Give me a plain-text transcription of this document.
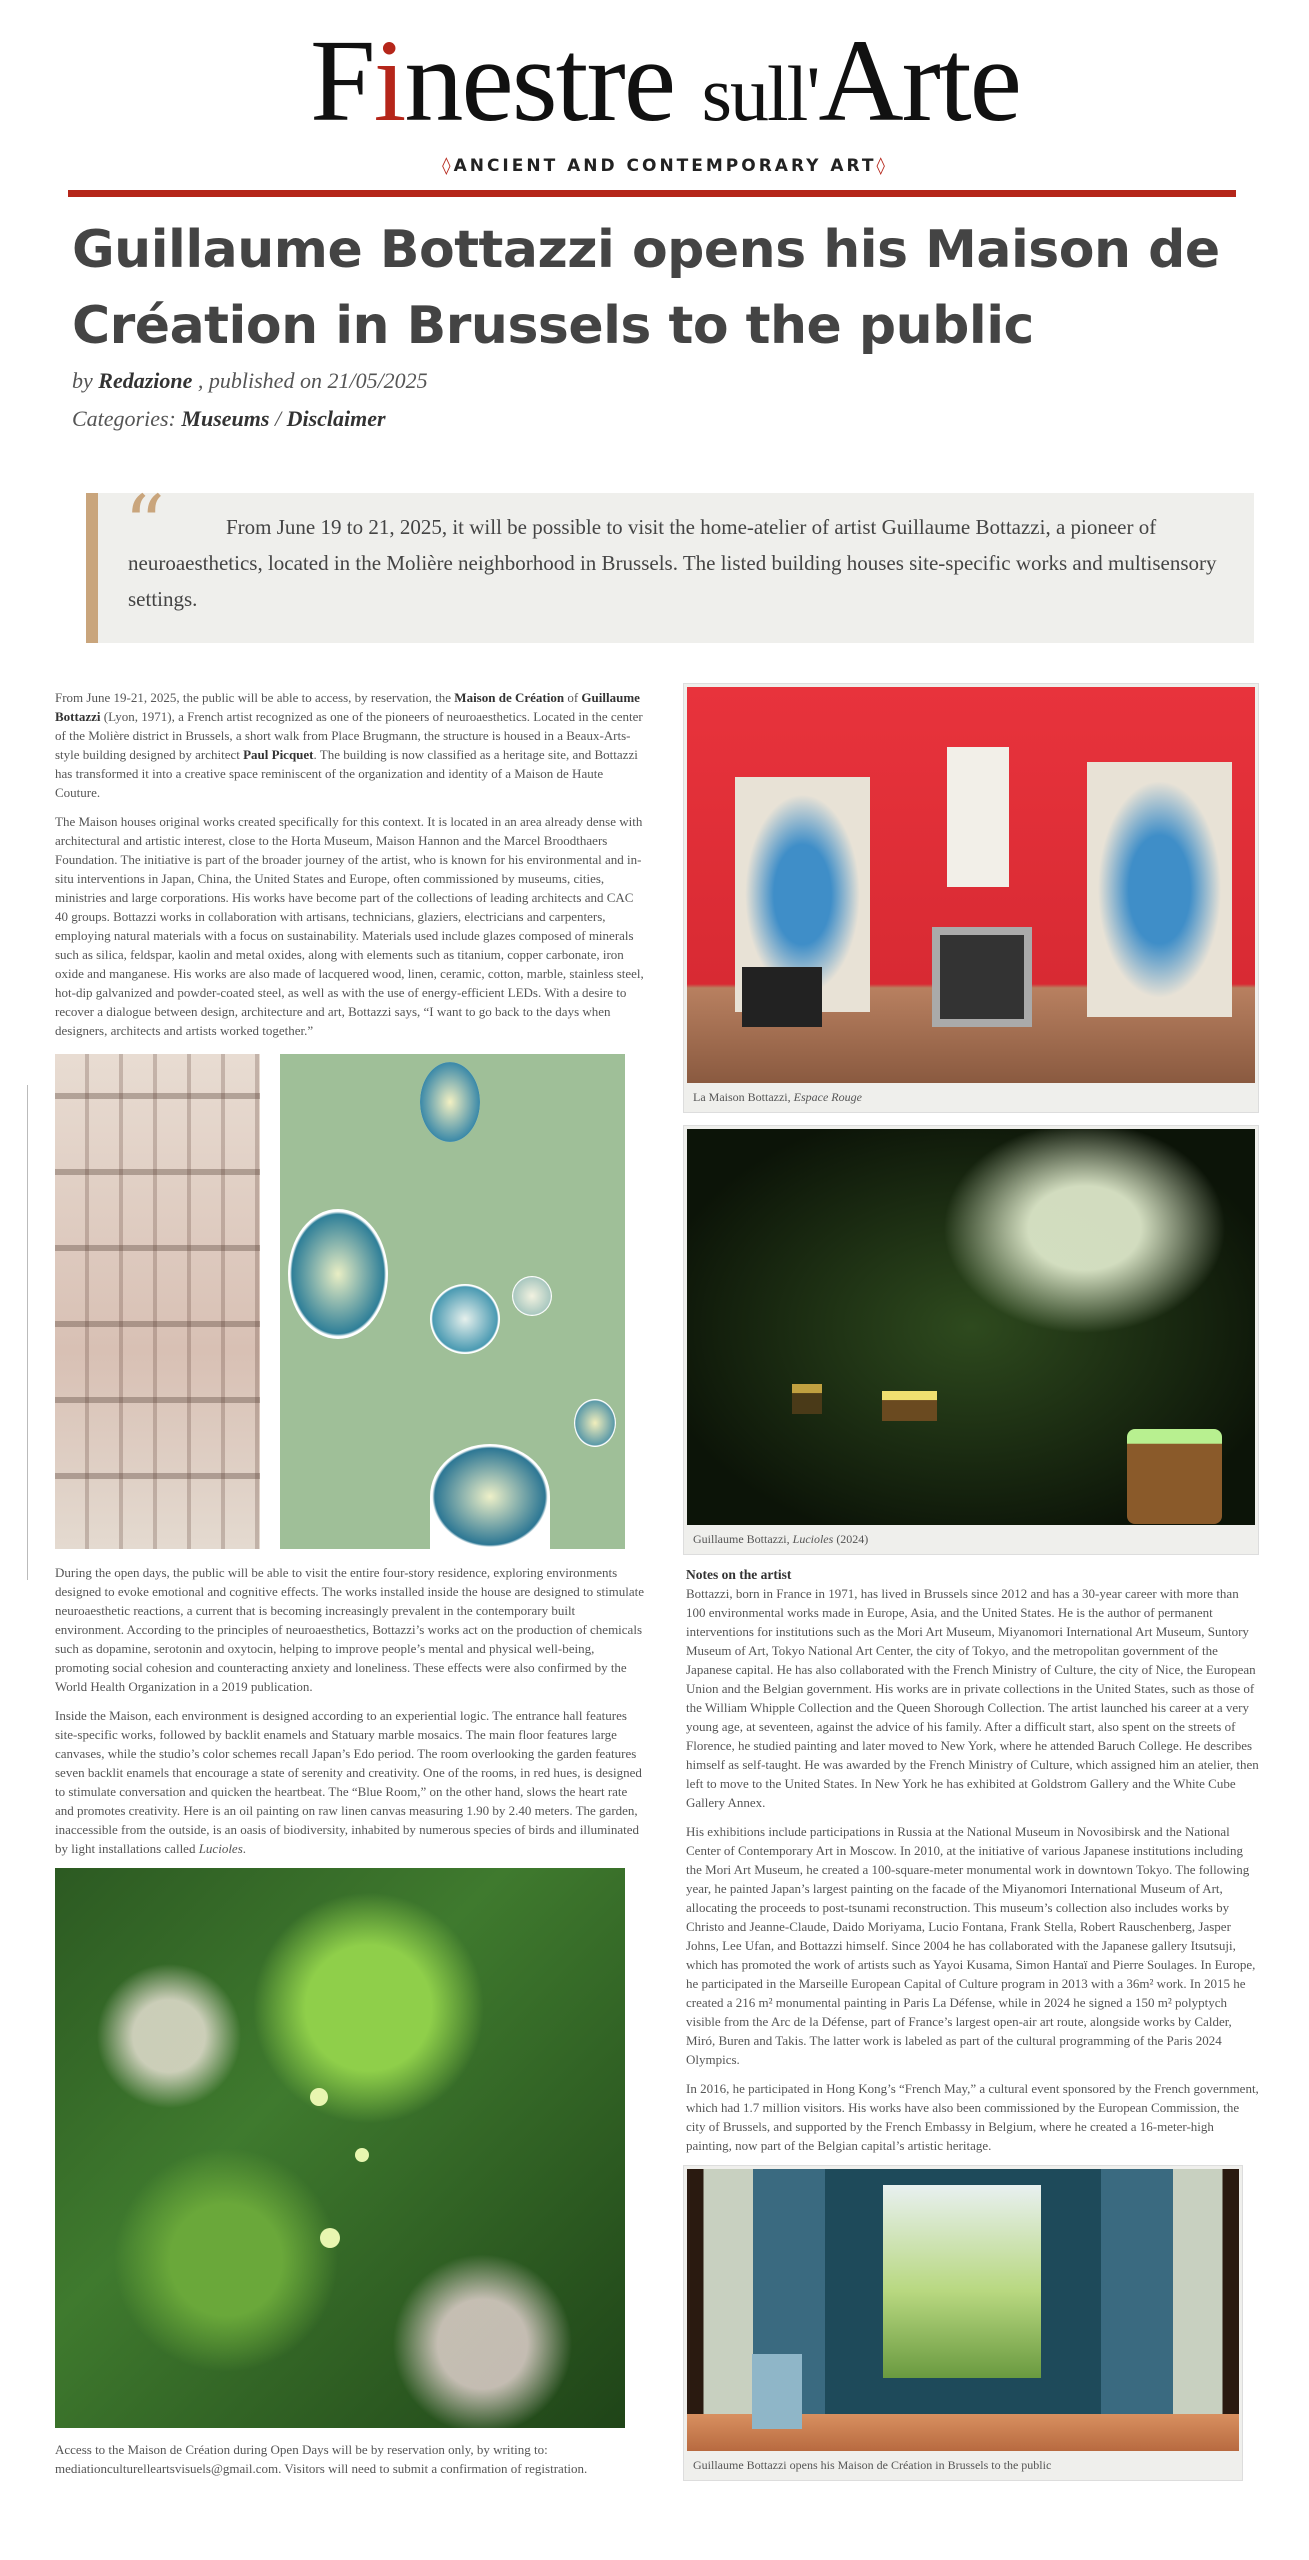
Finestre sull'Arte
◊ANCIENT AND CONTEMPORARY ART◊
Guillaume Bottazzi opens his Maison de Création in Brussels to the public
by Redazione , published on 21/05/2025
Categories: Museums / Disclaimer
“	From June 19 to 21, 2025, it will be possible to visit the home-atelier of artist Guillaume Bottazzi, a pioneer of neuroaesthetics, located in the Molière neighborhood in Brussels. The listed building houses site-specific works and multisensory settings.

From June 19-21, 2025, the public will be able to access, by reservation, the Maison de Création of Guillaume Bottazzi (Lyon, 1971), a French artist recognized as one of the pioneers of neuroaesthetics. Located in the center of the Molière district in Brussels, a short walk from Place Brugmann, the structure is housed in a Beaux-Arts-style building designed by architect Paul Picquet. The building is now classified as a heritage site, and Bottazzi has transformed it into a creative space reminiscent of the organization and identity of a Maison de Haute Couture.

The Maison houses original works created specifically for this context. It is located in an area already dense with architectural and artistic interest, close to the Horta Museum, Maison Hannon and the Marcel Broodthaers Foundation. The initiative is part of the broader journey of the artist, who is known for his environmental and in-situ interventions in Japan, China, the United States and Europe, often commissioned by museums, cities, ministries and large corporations. His works have become part of the collections of leading architects and CAC 40 groups. Bottazzi works in collaboration with artisans, technicians, glaziers, electricians and carpenters, employing natural materials with a focus on sustainability. Materials used include glazes composed of minerals such as silica, feldspar, kaolin and metal oxides, along with elements such as titanium, copper carbonate, iron oxide and manganese. His works are also made of lacquered wood, linen, ceramic, cotton, marble, stainless steel, hot-dip galvanized and powder-coated steel, as well as with the use of energy-efficient LEDs. With a desire to recover a dialogue between design, architecture and art, Bottazzi says, “I want to go back to the days when designers, architects and artists worked together.”

During the open days, the public will be able to visit the entire four-story residence, exploring environments designed to evoke emotional and cognitive effects. The works installed inside the house are designed to stimulate neuroaesthetic reactions, a current that is becoming increasingly prevalent in the contemporary built environment. According to the principles of neuroaesthetics, Bottazzi’s works act on the production of chemicals such as dopamine, serotonin and oxytocin, helping to improve people’s mental and physical well-being, promoting social cohesion and counteracting anxiety and loneliness. These effects were also confirmed by the World Health Organization in a 2019 publication.

Inside the Maison, each environment is designed according to an experiential logic. The entrance hall features site-specific works, followed by backlit enamels and Statuary marble mosaics. The main floor features large canvases, while the studio’s color schemes recall Japan’s Edo period. The room overlooking the garden features seven backlit enamels that encourage a state of serenity and creativity. One of the rooms, in red hues, is designed to stimulate conversation and quicken the heartbeat. The “Blue Room,” on the other hand, slows the heart rate and promotes creativity. Here is an oil painting on raw linen canvas measuring 1.90 by 2.40 meters. The garden, inaccessible from the outside, is an oasis of biodiversity, inhabited by numerous species of birds and illuminated by light installations called Lucioles.

Access to the Maison de Création during Open Days will be by reservation only, by writing to: mediationculturelleartsvisuels@gmail.com. Visitors will need to submit a confirmation of registration.

La Maison Bottazzi, Espace Rouge
Guillaume Bottazzi, Lucioles (2024)
Notes on the artist

Bottazzi, born in France in 1971, has lived in Brussels since 2012 and has a 30-year career with more than 100 environmental works made in Europe, Asia, and the United States. He is the author of permanent interventions for institutions such as the Mori Art Museum, Miyanomori International Art Museum, Suntory Museum of Art, Tokyo National Art Center, the city of Tokyo, and the metropolitan government of the Japanese capital. He has also collaborated with the French Ministry of Culture, the city of Nice, the European Union and the Belgian government. His works are in private collections in the United States, such as those of the William Whipple Collection and the Queen Shorough Collection. The artist launched his career at a very young age, at seventeen, against the advice of his family. After a difficult start, also spent on the streets of Florence, he studied painting and later moved to New York, where he attended Baruch College. He describes himself as self-taught. He was awarded by the French Ministry of Culture, which assigned him an atelier, then left to move to the United States. In New York he has exhibited at Goldstrom Gallery and the White Cube Gallery Annex.

His exhibitions include participations in Russia at the National Museum in Novosibirsk and the National Center of Contemporary Art in Moscow. In 2010, at the initiative of various Japanese institutions including the Mori Art Museum, he created a 100-square-meter monumental work in downtown Tokyo. The following year, he painted Japan’s largest painting on the facade of the Miyanomori International Museum of Art, allocating the proceeds to post-tsunami reconstruction. This museum’s collection also includes works by Christo and Jeanne-Claude, Daido Moriyama, Lucio Fontana, Frank Stella, Robert Rauschenberg, Jasper Johns, Lee Ufan, and Bottazzi himself. Since 2004 he has collaborated with the Japanese gallery Itsutsuji, which has promoted the work of artists such as Yayoi Kusama, Simon Hantaï and Pierre Soulages. In Europe, he participated in the Marseille European Capital of Culture program in 2013 with a 36m² work. In 2015 he created a 216 m² monumental painting in Paris La Défense, while in 2024 he signed a 150 m² polyptych visible from the Arc de la Défense, part of France’s largest open-air art route, alongside works by Calder, Miró, Buren and Takis. The latter work is labeled as part of the cultural programming of the Paris 2024 Olympics.

In 2016, he participated in Hong Kong’s “French May,” a cultural event sponsored by the French government, which had 1.7 million visitors. His works have also been commissioned by the European Commission, the city of Brussels, and supported by the French Embassy in Belgium, where he created a 16-meter-high painting, now part of the Belgian capital’s artistic heritage.

Guillaume Bottazzi opens his Maison de Création in Brussels to the public
